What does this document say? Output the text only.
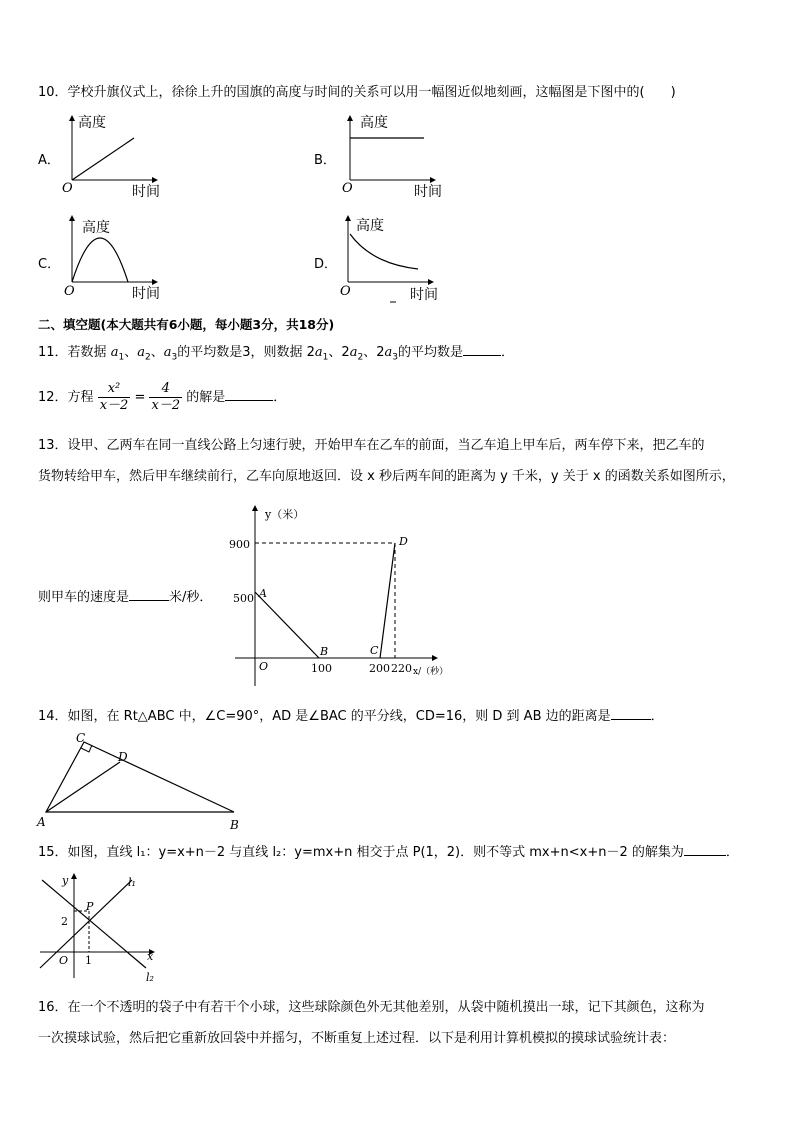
10．学校升旗仪式上，徐徐上升的国旗的高度与时间的关系可以用一幅图近似地刻画，这幅图是下图中的(　　)
A．
高度
O	时间
B．
高度
O	时间
C．
高度
O	时间
D．
高度
O	时间
二、填空题(本大题共有6小题，每小题3分，共18分)
11．若数据 $a_1$、$a_2$、$a_3$的平均数是3，则数据 $2a_1$、$2a_2$、$2a_3$的平均数是	．
12．方程 $\frac{\text{x²}}{x-2} = \frac{4}{x-2}$ 的解是	．
13．设甲、乙两车在同一直线公路上匀速行驶，开始甲车在乙车的前面，当乙车追上甲车后，两车停下来，把乙车的
货物转给甲车，然后甲车继续前行，乙车向原地返回．设 x 秒后两车间的距离为 y 千米，y 关于 x 的函数关系如图所示，
则甲车的速度是	米/秒．
900
500
100	200 220
O
A
B	C
D
y（米）
x/（秒）
14．如图，在 Rt△ABC 中，∠C=90°，AD 是∠BAC 的平分线，CD=16，则 D 到 AB 边的距离是	．
C
D
A	B
15．如图，直线 l₁：y=x+n－2 与直线 l₂：y=mx+n 相交于点 P(1，2)．则不等式 mx+n<x+n－2 的解集为	．
y
x
O
P
2
1
l₁
l₂
16．在一个不透明的袋子中有若干个小球，这些球除颜色外无其他差别，从袋中随机摸出一球，记下其颜色，这称为
一次摸球试验，然后把它重新放回袋中并摇匀，不断重复上述过程．以下是利用计算机模拟的摸球试验统计表：
